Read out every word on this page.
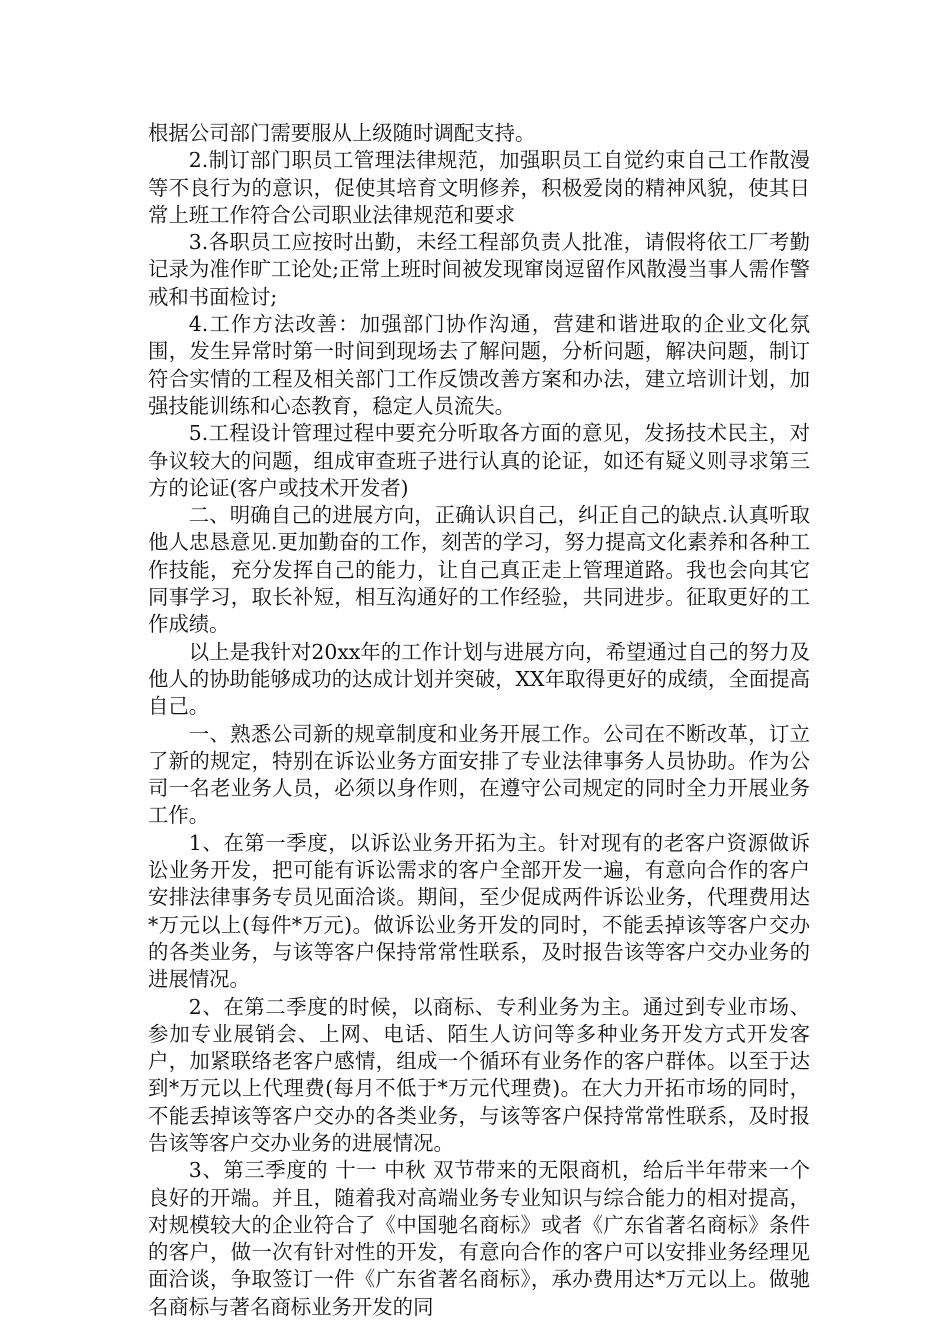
根据公司部门需要服从上级随时调配支持。

2.制订部门职员工管理法律规范，加强职员工自觉约束自己工作散漫等不良行为的意识，促使其培育文明修养，积极爱岗的精神风貌，使其日常上班工作符合公司职业法律规范和要求

3.各职员工应按时出勤，未经工程部负责人批准，请假将依工厂考勤记录为准作旷工论处;正常上班时间被发现窜岗逗留作风散漫当事人需作警戒和书面检讨;

4.工作方法改善：加强部门协作沟通，营建和谐进取的企业文化氛围，发生异常时第一时间到现场去了解问题，分析问题，解决问题，制订符合实情的工程及相关部门工作反馈改善方案和办法，建立培训计划，加强技能训练和心态教育，稳定人员流失。

5.工程设计管理过程中要充分听取各方面的意见，发扬技术民主，对争议较大的问题，组成审查班子进行认真的论证，如还有疑义则寻求第三方的论证(客户或技术开发者)

二、明确自己的进展方向，正确认识自己，纠正自己的缺点.认真听取他人忠恳意见.更加勤奋的工作，刻苦的学习，努力提高文化素养和各种工作技能，充分发挥自己的能力，让自己真正走上管理道路。我也会向其它同事学习，取长补短，相互沟通好的工作经验，共同进步。征取更好的工作成绩。

以上是我针对20xx年的工作计划与进展方向，希望通过自己的努力及他人的协助能够成功的达成计划并突破，XX年取得更好的成绩，全面提高自己。

一、熟悉公司新的规章制度和业务开展工作。公司在不断改革，订立了新的规定，特别在诉讼业务方面安排了专业法律事务人员协助。作为公司一名老业务人员，必须以身作则，在遵守公司规定的同时全力开展业务工作。

1、在第一季度，以诉讼业务开拓为主。针对现有的老客户资源做诉讼业务开发，把可能有诉讼需求的客户全部开发一遍，有意向合作的客户安排法律事务专员见面洽谈。期间，至少促成两件诉讼业务，代理费用达*万元以上(每件*万元)。做诉讼业务开发的同时，不能丢掉该等客户交办的各类业务，与该等客户保持常常性联系，及时报告该等客户交办业务的进展情况。

2、在第二季度的时候，以商标、专利业务为主。通过到专业市场、参加专业展销会、上网、电话、陌生人访问等多种业务开发方式开发客户，加紧联络老客户感情，组成一个循环有业务作的客户群体。以至于达到*万元以上代理费(每月不低于*万元代理费)。在大力开拓市场的同时，不能丢掉该等客户交办的各类业务，与该等客户保持常常性联系，及时报告该等客户交办业务的进展情况。

3、第三季度的 十一 中秋 双节带来的无限商机，给后半年带来一个良好的开端。并且，随着我对高端业务专业知识与综合能力的相对提高，对规模较大的企业符合了《中国驰名商标》或者《广东省著名商标》条件的客户，做一次有针对性的开发，有意向合作的客户可以安排业务经理见面洽谈，争取签订一件《广东省著名商标》，承办费用达*万元以上。做驰名商标与著名商标业务开发的同
